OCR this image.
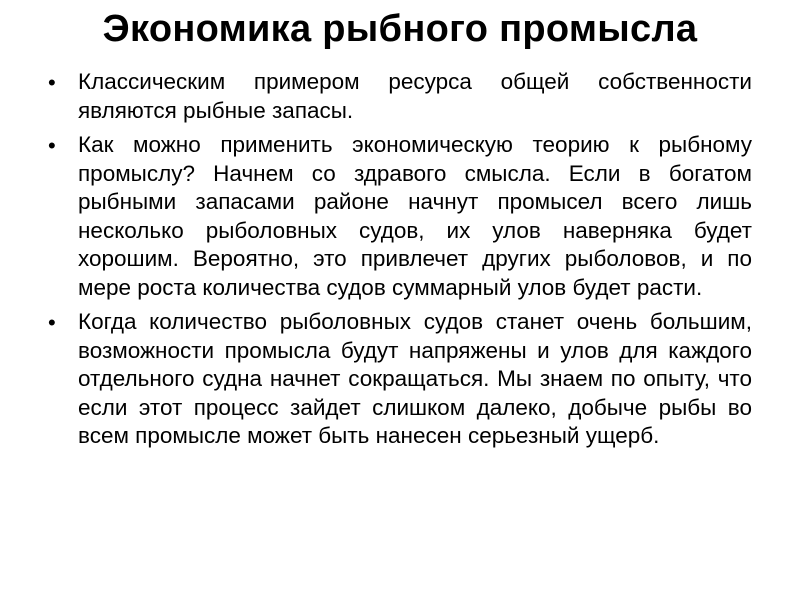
Экономика рыбного промысла
• Классическим примером ресурса общей собственности являются рыбные запасы.
• Как можно применить экономическую теорию к рыбному промыслу? Начнем со здравого смысла. Если в богатом рыбными запасами районе начнут промысел всего лишь несколько рыболовных судов, их улов наверняка будет хорошим. Вероятно, это привлечет других рыболовов, и по мере роста количества судов суммарный улов будет расти.
• Когда количество рыболовных судов станет очень большим, возможности промысла будут напряжены и улов для каждого отдельного судна начнет сокращаться. Мы знаем по опыту, что если этот процесс зайдет слишком далеко, добыче рыбы во всем промысле может быть нанесен серьезный ущерб.
